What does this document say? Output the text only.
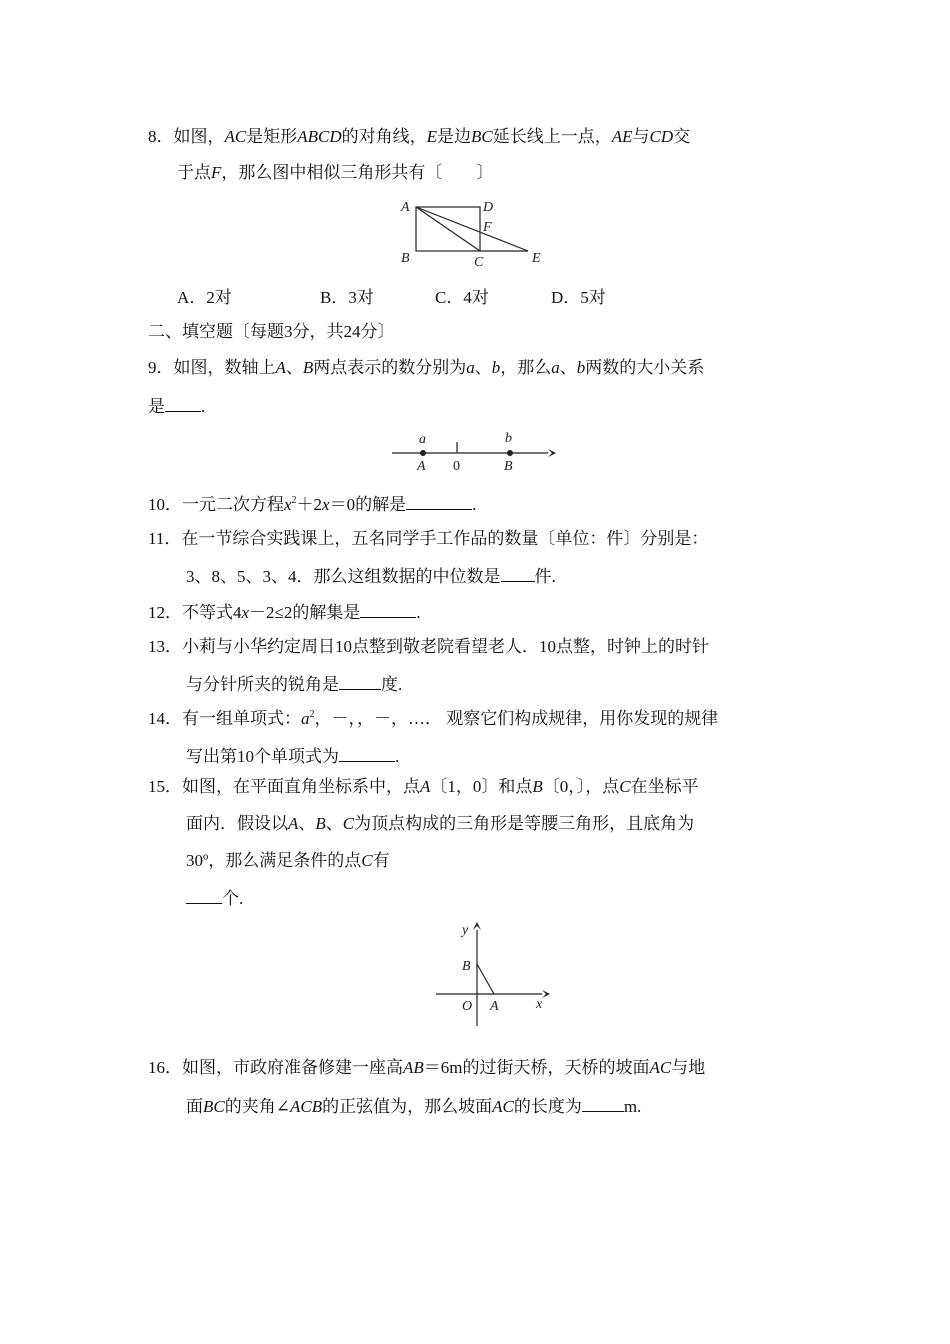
8．如图，AC是矩形ABCD的对角线，E是边BC延长线上一点，AE与CD交
于点F，那么图中相似三角形共有〔　　〕
A	D
F
B	C	E
A．2对	B．3对	C．4对	D．5对
二、填空题〔每题3分，共24分〕
9．如图，数轴上A、B两点表示的数分别为a、b，那么a、b两数的大小关系
是 .
a	b
A 0	B
10．一元二次方程$x^2+2x=0$的解是	.
11．在一节综合实践课上，五名同学手工作品的数量〔单位：件〕分别是：
3、8、5、3、4．那么这组数据的中位数是 件.
12．不等式4x－2≤2的解集是	.
13．小莉与小华约定周日10点整到敬老院看望老人．10点整，时钟上的时针
与分针所夹的锐角是 度.
14．有一组单项式：$a^2$，－，，－，…． 观察它们构成规律，用你发现的规律
写出第10个单项式为	.
15．如图，在平面直角坐标系中，点A〔1，0〕和点B〔0，〕，点C在坐标平
面内．假设以A、B、C为顶点构成的三角形是等腰三角形，且底角为
30º，那么满足条件的点C有
个.
y
B
O A	x
16．如图，市政府准备修建一座高AB＝6m的过街天桥，天桥的坡面AC与地
面BC的夹角∠ACB的正弦值为，那么坡面AC的长度为 m.
